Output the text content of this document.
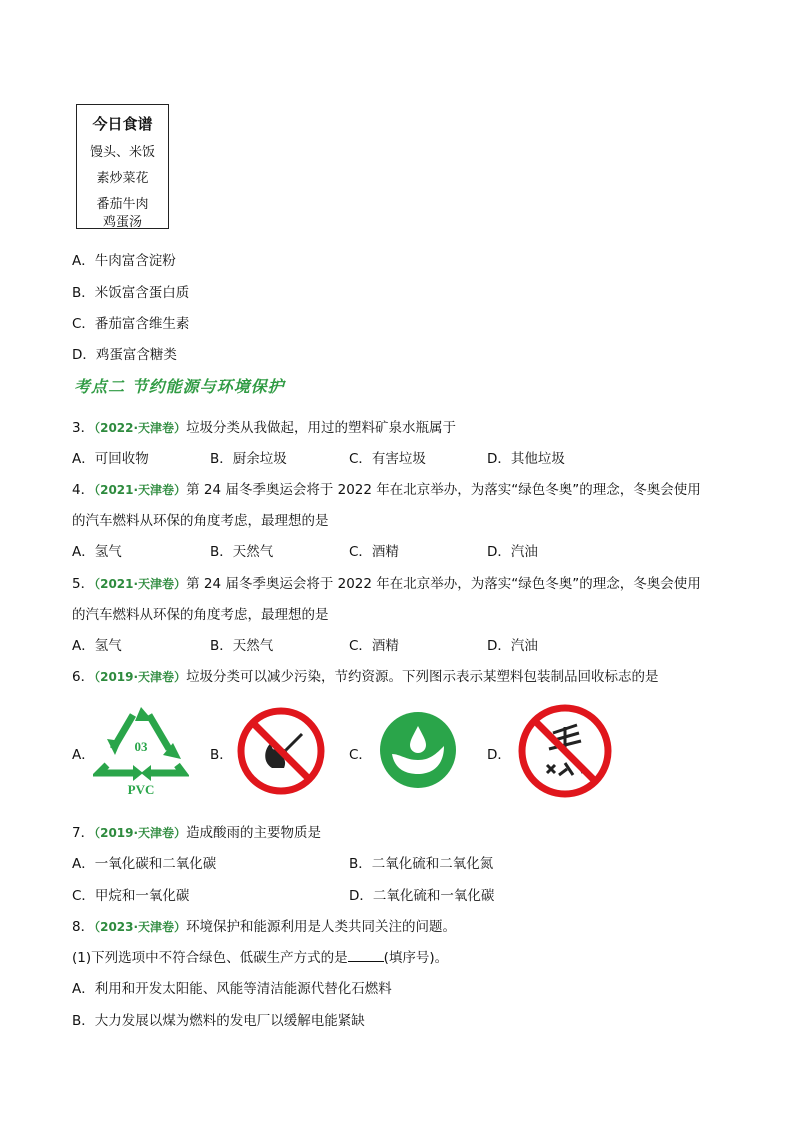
今日食谱
馒头、米饭
素炒菜花
番茄牛肉
鸡蛋汤
A．牛肉富含淀粉
B．米饭富含蛋白质
C．番茄富含维生素
D．鸡蛋富含糖类
考点二 节约能源与环境保护
3．（2022·天津卷）垃圾分类从我做起，用过的塑料矿泉水瓶属于
A．可回收物	B．厨余垃圾	C．有害垃圾	D．其他垃圾
4．（2021·天津卷）第 24 届冬季奥运会将于 2022 年在北京举办，为落实“绿色冬奥”的理念，冬奥会使用
的汽车燃料从环保的角度考虑，最理想的是
A．氢气	B．天然气	C．酒精	D．汽油
5．（2021·天津卷）第 24 届冬季奥运会将于 2022 年在北京举办，为落实“绿色冬奥”的理念，冬奥会使用
的汽车燃料从环保的角度考虑，最理想的是
A．氢气	B．天然气	C．酒精	D．汽油
6．（2019·天津卷）垃圾分类可以减少污染，节约资源。下列图示表示某塑料包装制品回收标志的是
A．
03
PVC
B．	C．	D．
7．（2019·天津卷）造成酸雨的主要物质是
A．一氧化碳和二氧化碳	B．二氧化硫和二氧化氮
C．甲烷和一氧化碳	D．二氧化硫和一氧化碳
8．（2023·天津卷）环境保护和能源利用是人类共同关注的问题。
(1)下列选项中不符合绿色、低碳生产方式的是	(填序号)。
A．利用和开发太阳能、风能等清洁能源代替化石燃料
B．大力发展以煤为燃料的发电厂以缓解电能紧缺
